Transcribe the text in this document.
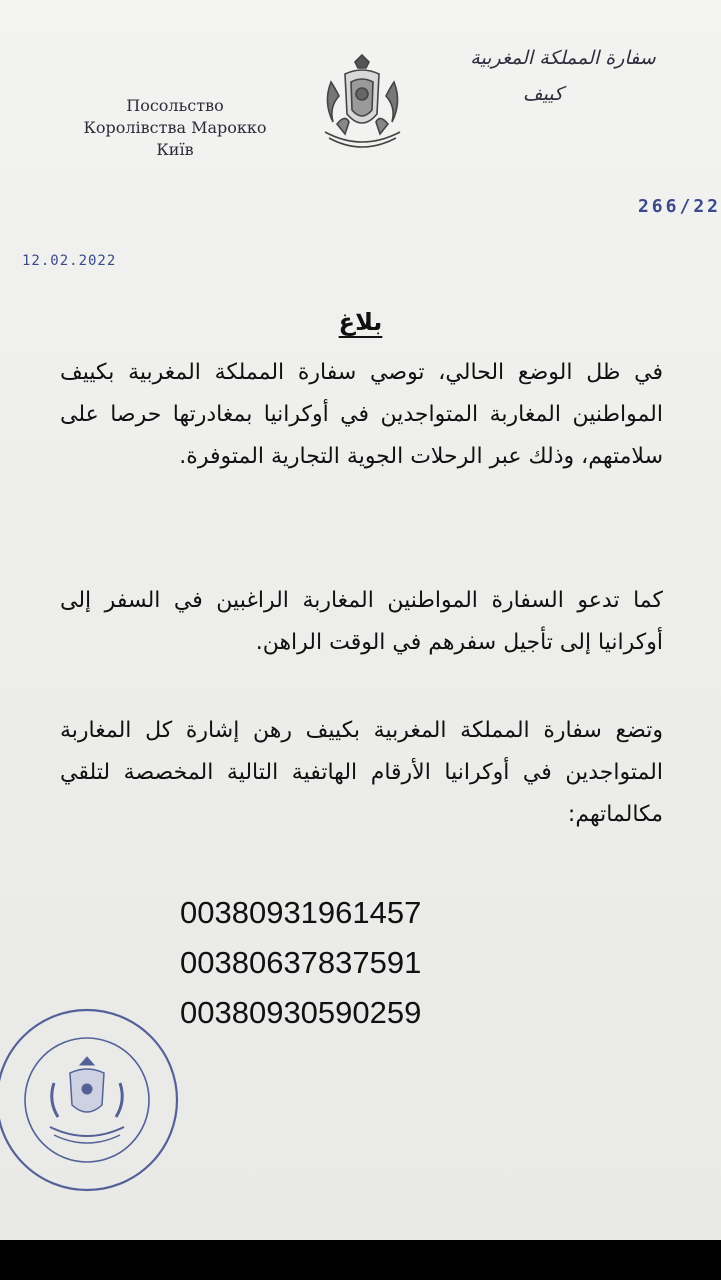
Посольство
Королівства Марокко
Київ
سفارة المملكة المغربية
كييف
266/22
12.02.2022
بلاغ
في ظل الوضع الحالي، توصي سفارة المملكة المغربية بكييف المواطنين المغاربة المتواجدين في أوكرانيا بمغادرتها حرصا على سلامتهم، وذلك عبر الرحلات الجوية التجارية المتوفرة.
كما تدعو السفارة المواطنين المغاربة الراغبين في السفر إلى أوكرانيا إلى تأجيل سفرهم في الوقت الراهن.
وتضع سفارة المملكة المغربية بكييف رهن إشارة كل المغاربة المتواجدين في أوكرانيا الأرقام الهاتفية التالية المخصصة لتلقي مكالماتهم:
00380931961457
00380637837591
00380930590259
